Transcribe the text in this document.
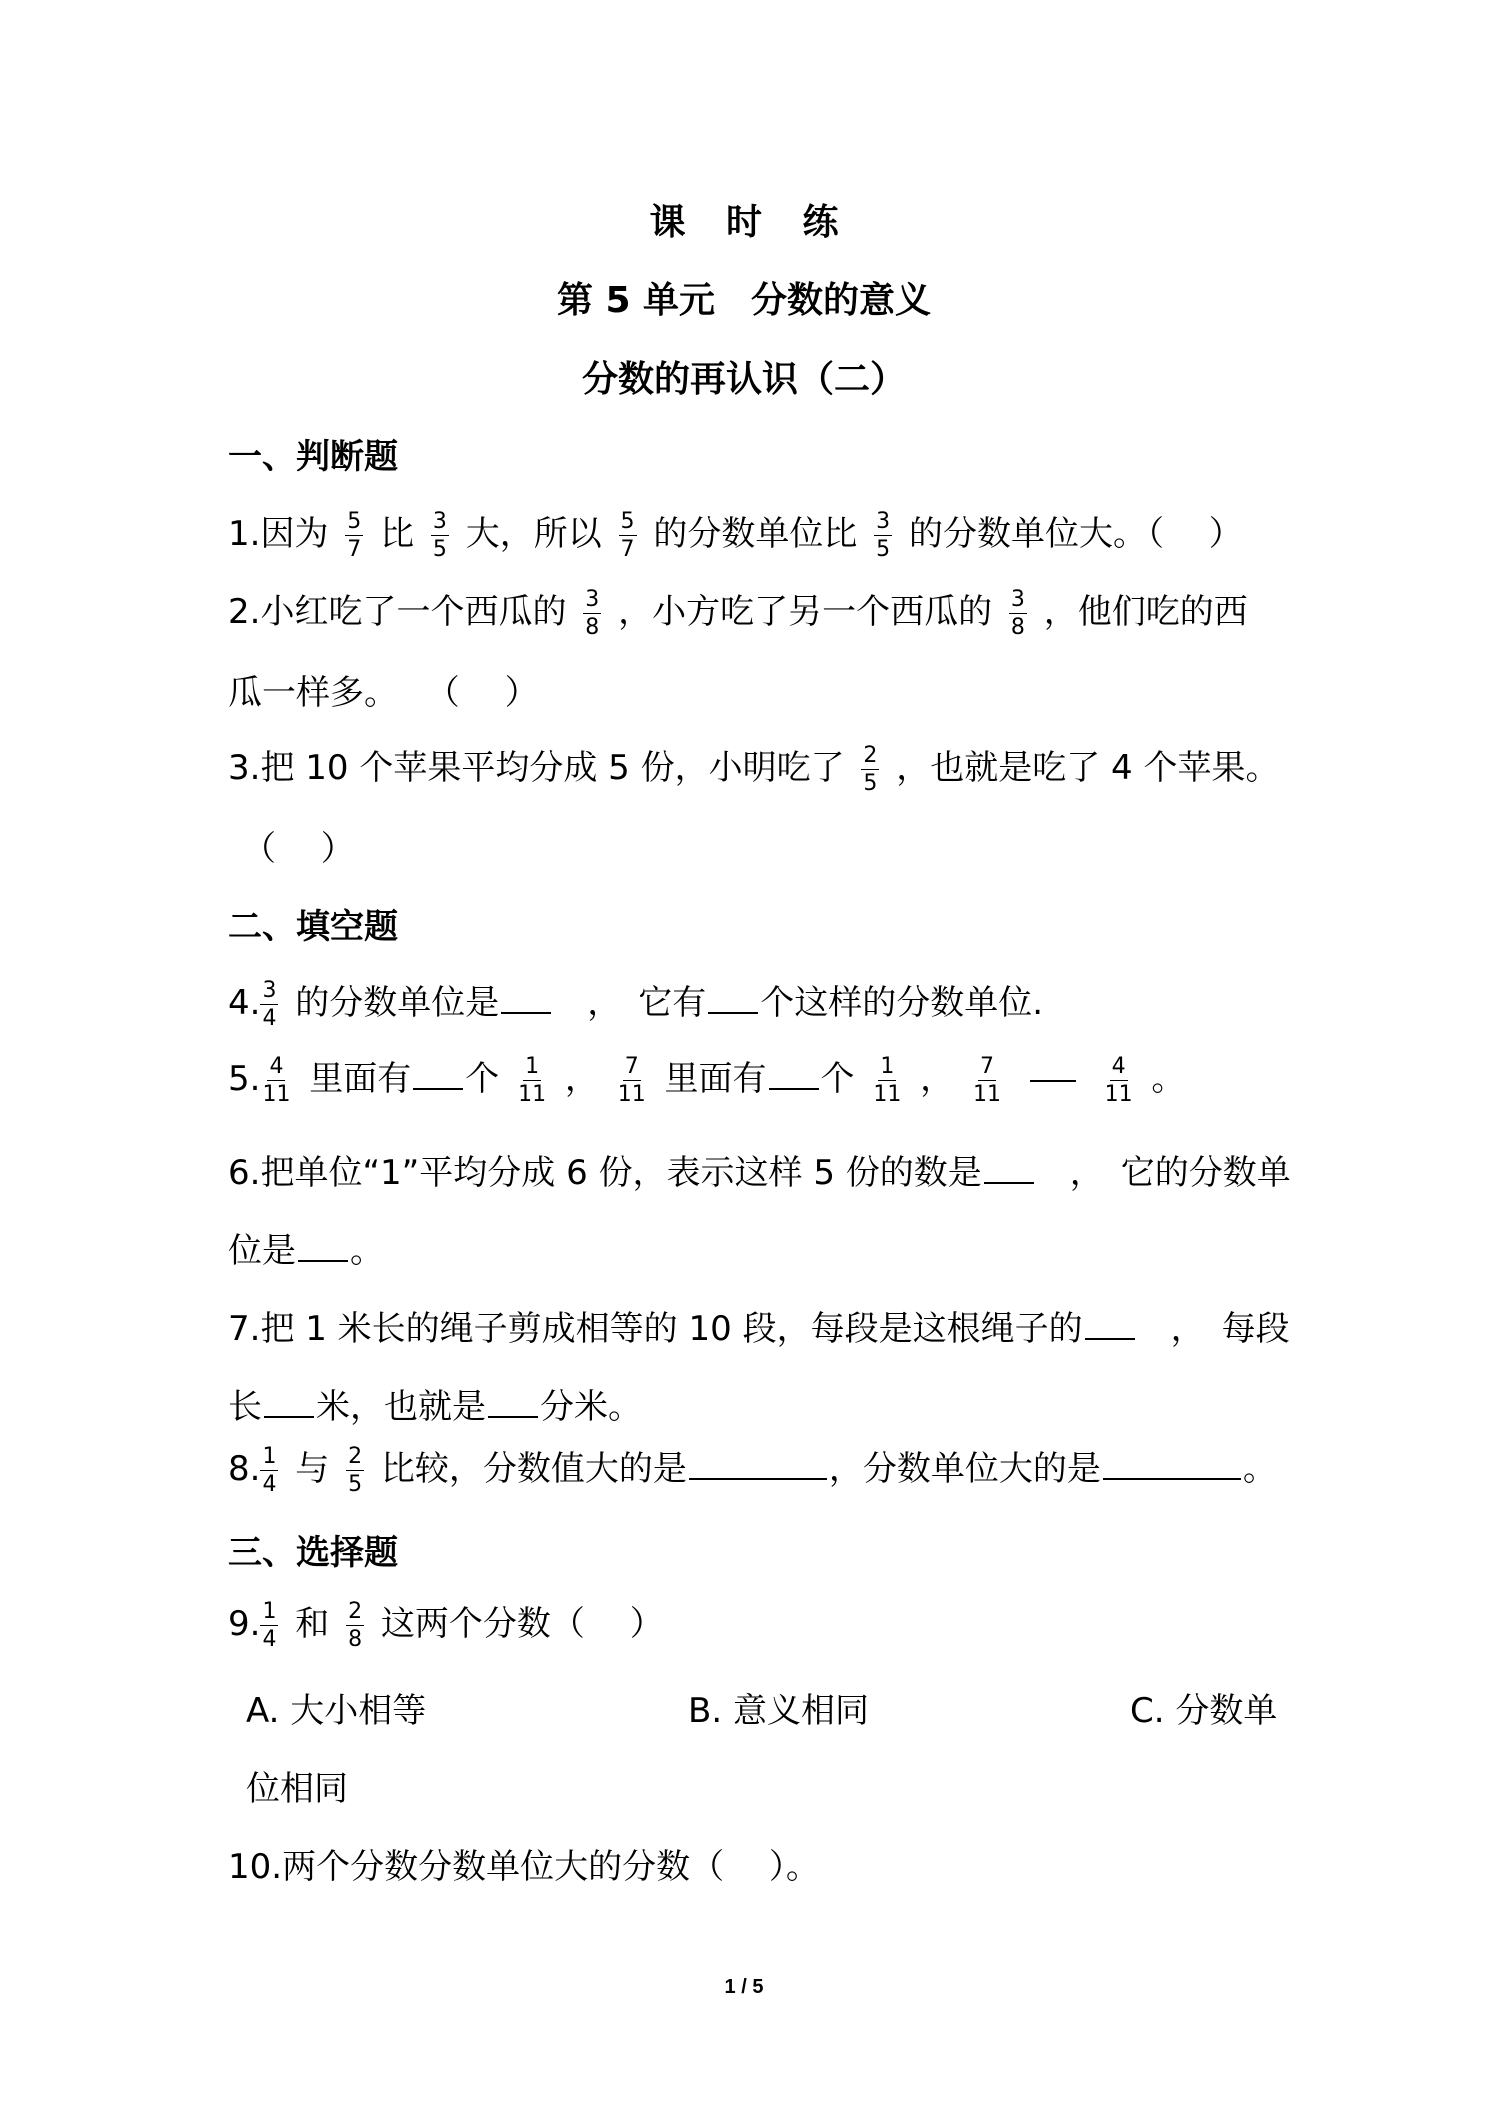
课 时 练
第 5 单元　分数的意义
分数的再认识（二）
一、判断题
1.因为 $\frac{5}{7}$ 比 $\frac{3}{5}$ 大，所以 $\frac{5}{7}$ 的分数单位比 $\frac{3}{5}$ 的分数单位大。（　 ）
2.小红吃了一个西瓜的 $\frac{3}{8}$ ，小方吃了另一个西瓜的 $\frac{3}{8}$ ，他们吃的西
瓜一样多。　 （　 ）
3.把 10 个苹果平均分成 5 份，小明吃了 $\frac{2}{5}$ ，也就是吃了 4 个苹果。
（　 ）
二、填空题
4. $\frac{3}{4}$ 的分数单位是　，　它有 个这样的分数单位.
5. $\frac{4}{11}$ 里面有 个 $\frac{1}{11}$ ， $\frac{7}{11}$ 里面有 个 $\frac{1}{11}$ ， $\frac{7}{11}$
	$\frac{4}{11}$ 。
6.把单位“1”平均分成 6 份，表示这样 5 份的数是　，　它的分数单
位是 。
7.把 1 米长的绳子剪成相等的 10 段，每段是这根绳子的　，　每段
长 米，也就是 分米。
8. $\frac{1}{4}$ 与 $\frac{2}{5}$ 比较，分数值大的是	，分数单位大的是	。
三、选择题
9. $\frac{1}{4}$ 和 $\frac{2}{8}$ 这两个分数（　 ）
A. 大小相等	B. 意义相同	C. 分数单
位相同
10.两个分数分数单位大的分数（　 ）。
1 / 5
